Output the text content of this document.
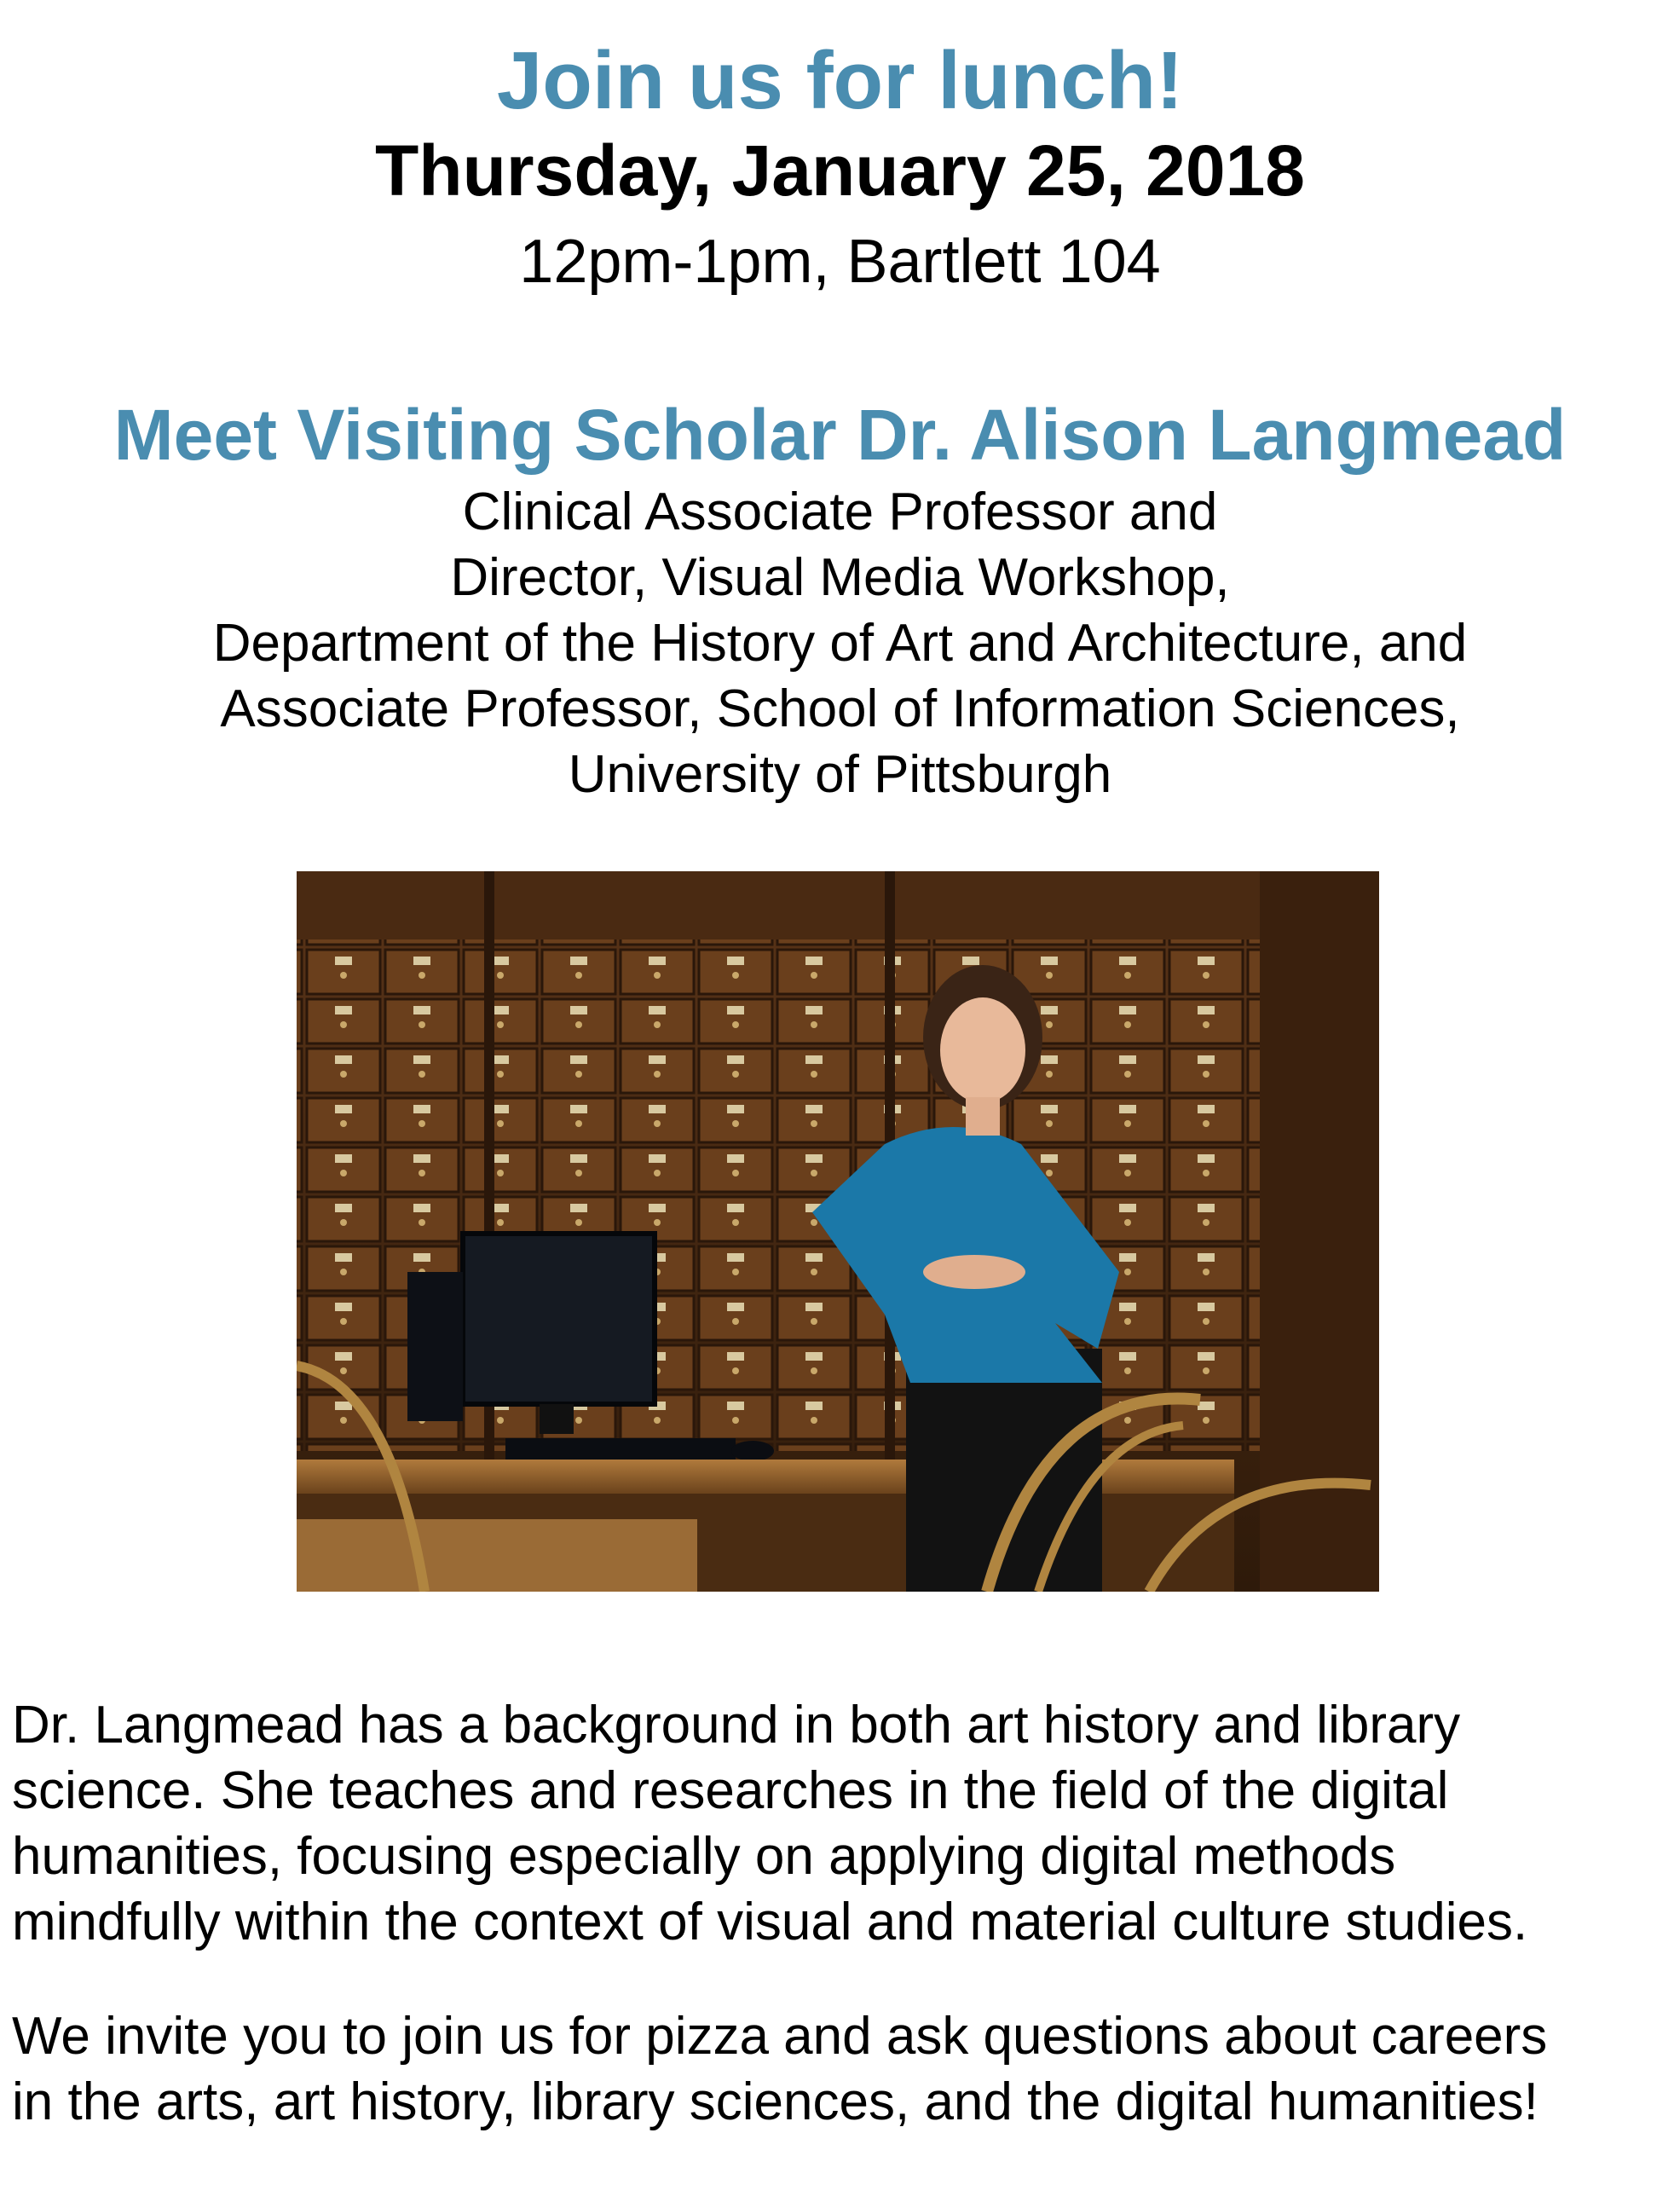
Join us for lunch!
Thursday, January 25, 2018
12pm-1pm, Bartlett 104
Meet Visiting Scholar Dr. Alison Langmead
Clinical Associate Professor and
Director, Visual Media Workshop,
Department of the History of Art and Architecture, and
Associate Professor, School of Information Sciences,
University of Pittsburgh
Dr. Langmead has a background in both art history and library
science. She teaches and researches in the field of the digital
humanities, focusing especially on applying digital methods
mindfully within the context of visual and material culture studies.
We invite you to join us for pizza and ask questions about careers
in the arts, art history, library sciences, and the digital humanities!
